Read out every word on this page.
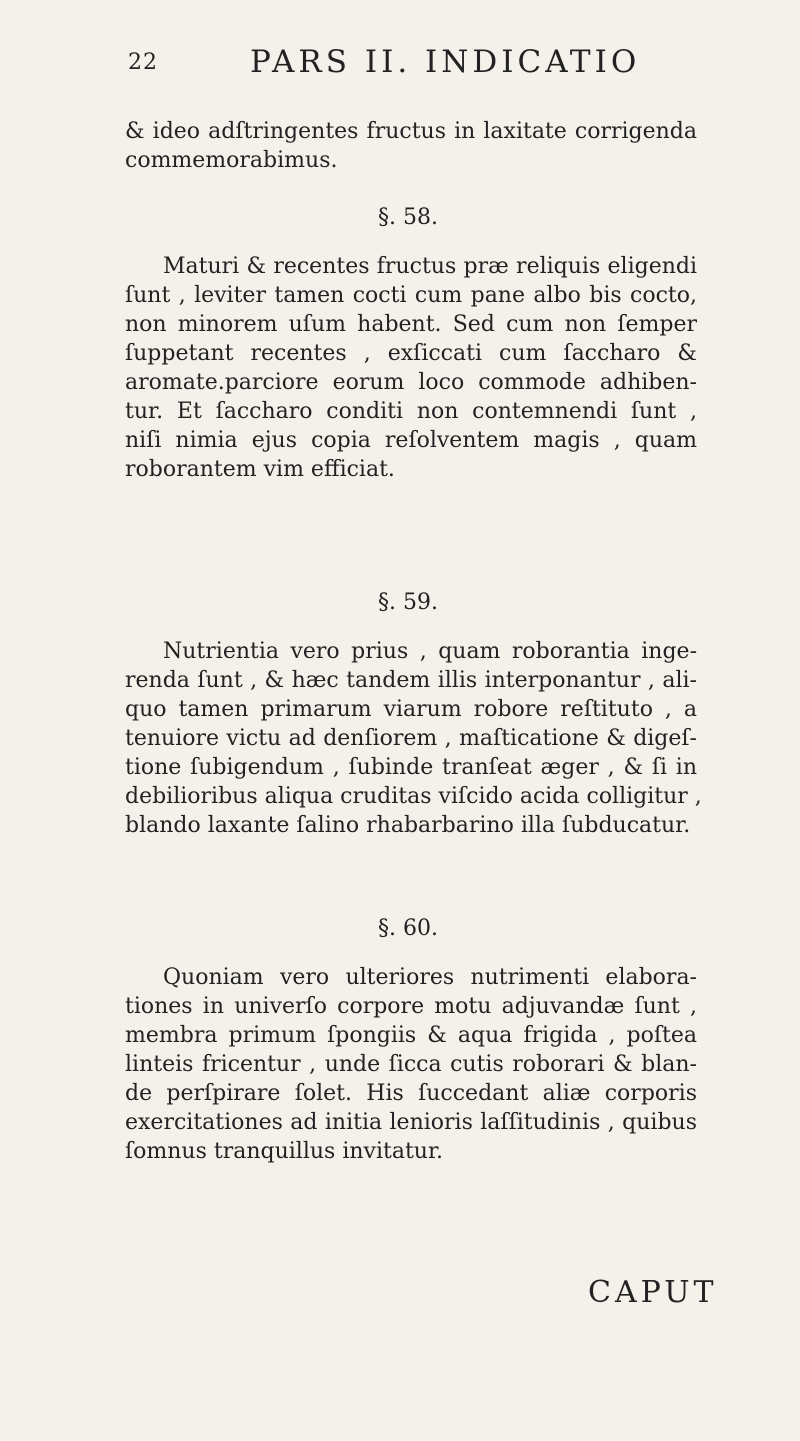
22	PARS II. INDICATIO
& ideo adſtringentes fructus in laxitate corrigenda
commemorabimus.
§. 58.
Maturi & recentes fructus præ reliquis eligendi
ſunt , leviter tamen cocti cum pane albo bis cocto,
non minorem uſum habent. Sed cum non ſemper
ſuppetant recentes , exſiccati cum ſaccharo &
aromate.parciore eorum loco commode adhiben-
tur. Et ſaccharo conditi non contemnendi ſunt ,
niſi nimia ejus copia reſolventem magis , quam
roborantem vim efficiat.
§. 59.
Nutrientia vero prius , quam roborantia inge-
renda ſunt , & hæc tandem illis interponantur , ali-
quo tamen primarum viarum robore reſtituto , a
tenuiore victu ad denſiorem , maſticatione & digeſ-
tione ſubigendum , ſubinde tranſeat æger , & ſi in
debilioribus aliqua cruditas viſcido acida colligitur ,
blando laxante ſalino rhabarbarino illa ſubducatur.
§. 60.
Quoniam vero ulteriores nutrimenti elabora-
tiones in univerſo corpore motu adjuvandæ ſunt ,
membra primum ſpongiis & aqua frigida , poſtea
linteis fricentur , unde ſicca cutis roborari & blan-
de perſpirare ſolet. His ſuccedant aliæ corporis
exercitationes ad initia lenioris laſſitudinis , quibus
ſomnus tranquillus invitatur.
CAPUT
